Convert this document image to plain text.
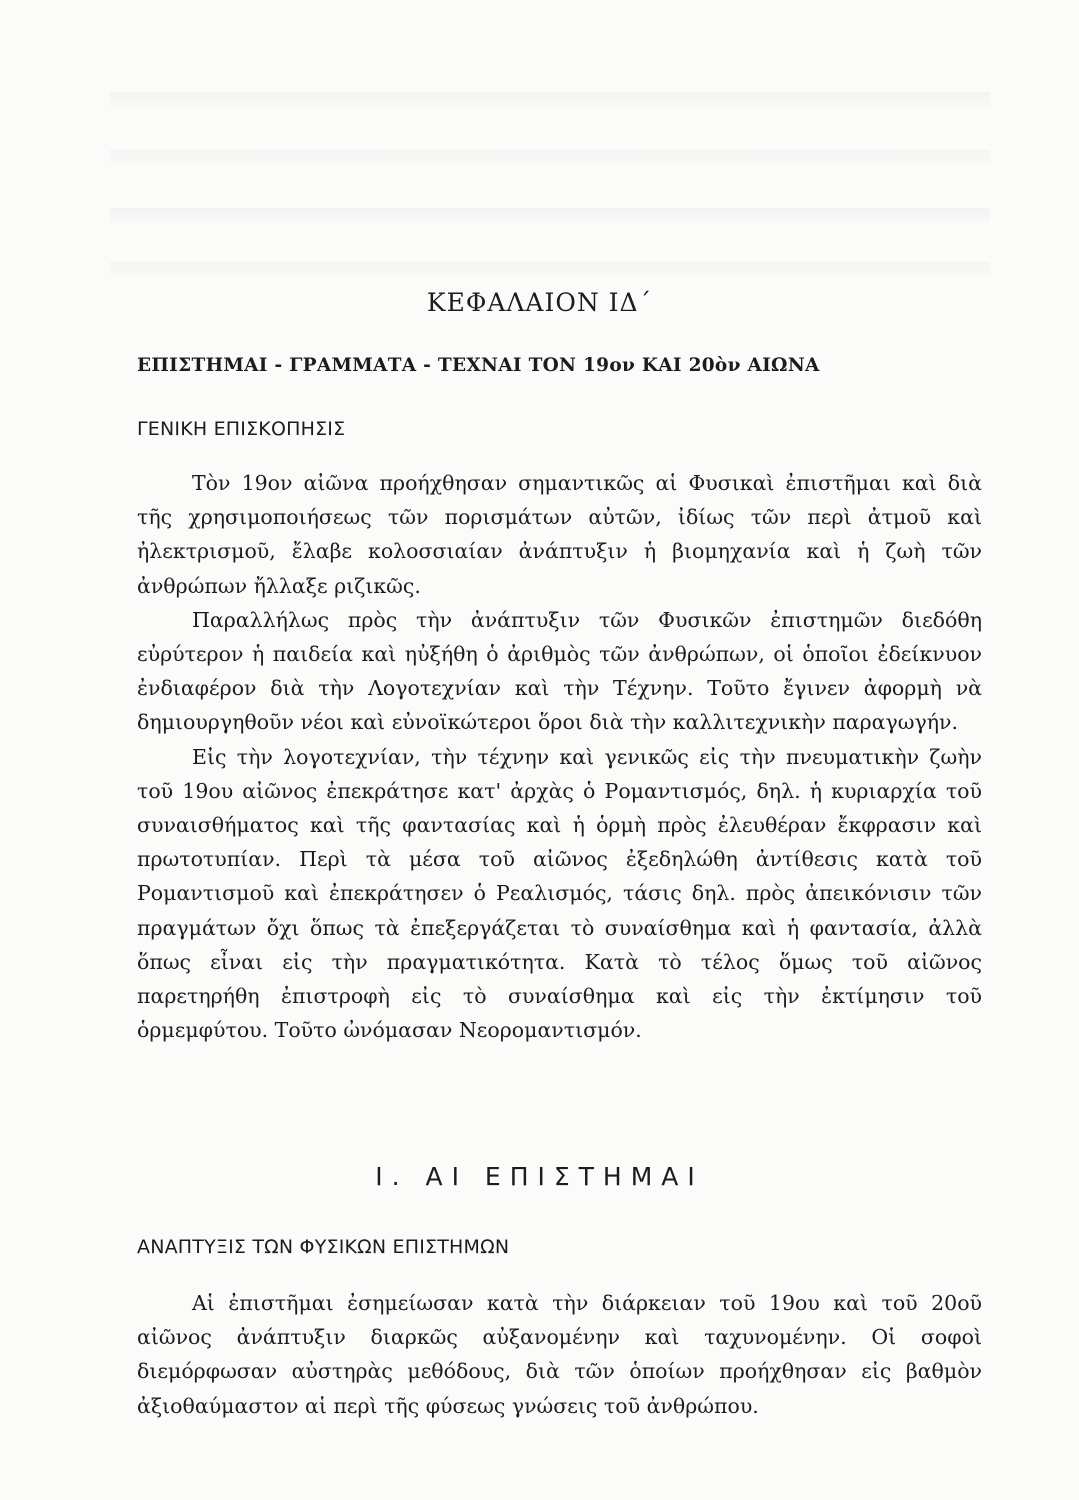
ΚΕΦΑΛΑΙΟΝ ΙΔ΄
ΕΠΙΣΤΗΜΑΙ - ΓΡΑΜΜΑΤΑ - ΤΕΧΝΑΙ ΤΟΝ 19ον ΚΑΙ 20ὸν ΑΙΩΝΑ
ΓΕΝΙΚΗ ΕΠΙΣΚΟΠΗΣΙΣ

Τὸν 19ον αἰῶνα προήχθησαν σημαντικῶς αἱ Φυσικαὶ ἐπιστῆμαι καὶ διὰ τῆς χρησιμοποιήσεως τῶν πορισμάτων αὐτῶν, ἰδίως τῶν περὶ ἀτμοῦ καὶ ἠλεκτρισμοῦ, ἔλαβε κολοσσιαίαν ἀνάπτυξιν ἡ βιομηχανία καὶ ἡ ζωὴ τῶν ἀνθρώπων ἤλλαξε ριζικῶς.

Παραλλήλως πρὸς τὴν ἀνάπτυξιν τῶν Φυσικῶν ἐπιστημῶν διεδόθη εὐρύτερον ἡ παιδεία καὶ ηὐξήθη ὁ ἀριθμὸς τῶν ἀνθρώπων, οἱ ὁποῖοι ἐδείκνυον ἐνδιαφέρον διὰ τὴν Λογοτεχνίαν καὶ τὴν Τέχνην. Τοῦτο ἔγινεν ἀφορμὴ νὰ δημιουργηθοῦν νέοι καὶ εὐνοϊκώτεροι ὅροι διὰ τὴν καλλιτεχνικὴν παραγωγήν.

Εἰς τὴν λογοτεχνίαν, τὴν τέχνην καὶ γενικῶς εἰς τὴν πνευματικὴν ζωὴν τοῦ 19ου αἰῶνος ἐπεκράτησε κατ' ἀρχὰς ὁ Ρομαντισμός, δηλ. ἡ κυριαρχία τοῦ συναισθήματος καὶ τῆς φαντασίας καὶ ἡ ὁρμὴ πρὸς ἐλευθέραν ἔκφρασιν καὶ πρωτοτυπίαν. Περὶ τὰ μέσα τοῦ αἰῶνος ἐξεδηλώθη ἀντίθεσις κατὰ τοῦ Ρομαντισμοῦ καὶ ἐπεκράτησεν ὁ Ρεαλισμός, τάσις δηλ. πρὸς ἀπεικόνισιν τῶν πραγμάτων ὄχι ὅπως τὰ ἐπεξεργάζεται τὸ συναίσθημα καὶ ἡ φαντασία, ἀλλὰ ὅπως εἶναι εἰς τὴν πραγματικότητα. Κατὰ τὸ τέλος ὅμως τοῦ αἰῶνος παρετηρήθη ἐπιστροφὴ εἰς τὸ συναίσθημα καὶ εἰς τὴν ἐκτίμησιν τοῦ ὁρμεμφύτου. Τοῦτο ὠνόμασαν Νεορομαντισμόν.

Ι. ΑΙ ΕΠΙΣΤΗΜΑΙ
ΑΝΑΠΤΥΞΙΣ ΤΩΝ ΦΥΣΙΚΩΝ ΕΠΙΣΤΗΜΩΝ

Αἱ ἐπιστῆμαι ἐσημείωσαν κατὰ τὴν διάρκειαν τοῦ 19ου καὶ τοῦ 20οῦ αἰῶνος ἀνάπτυξιν διαρκῶς αὐξανομένην καὶ ταχυνομένην. Οἱ σοφοὶ διεμόρφωσαν αὐστηρὰς μεθόδους, διὰ τῶν ὁποίων προήχθησαν εἰς βαθμὸν ἀξιοθαύμαστον αἱ περὶ τῆς φύσεως γνώσεις τοῦ ἀνθρώπου.
